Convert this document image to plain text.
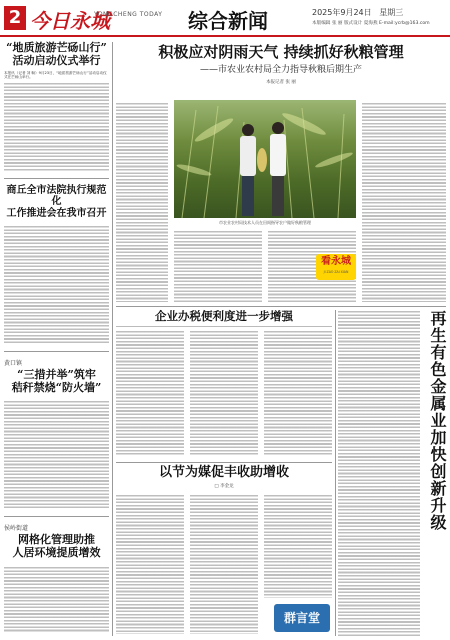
2 今日永城
YONGCHENG TODAY 综合新闻	2025年9月24日 星期三
本版编辑 张 丽 版式设计 夏海燕 E-mail:ycrb@163.com
“地质旅游芒砀山行”
活动启动仪式举行
本报讯（记者 刘 畅）9月23日，“地质旅游芒砀山行”活动启动仪式在芒砀山举行。
商丘全市法院执行规范化
工作推进会在我市召开
黄口镇
“三措并举”筑牢
秸秆禁烧“防火墙”
侯岭街道
网格化管理助推
人居环境提质增效
积极应对阴雨天气 持续抓好秋粮管理
——市农业农村局全力指导秋粮后期生产
本报记者 张 丽
市农业农村局技术人员在田间指导农户做好秋粮管理
看永城
JI ZAO ZAI XIAN
企业办税便利度进一步增强	再生有色金属业加快创新升级
以节为媒促丰收助增收
□ 李金龙
群言堂
